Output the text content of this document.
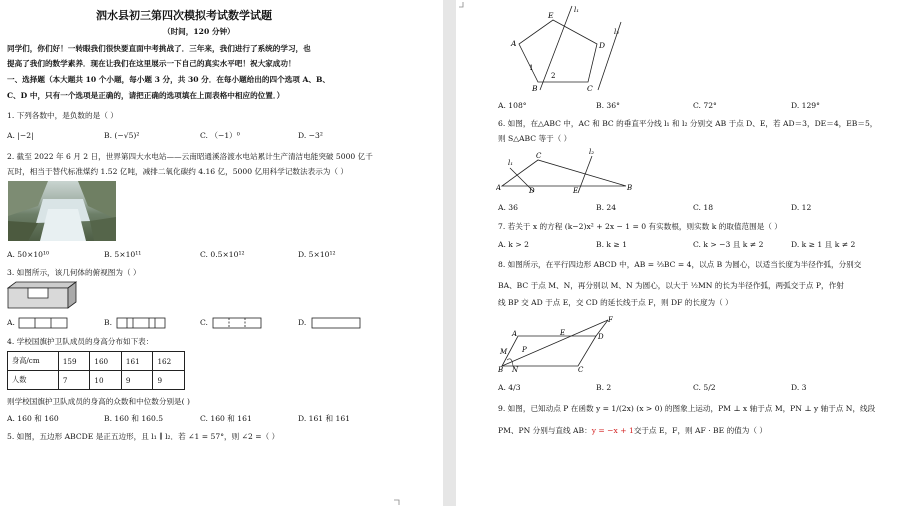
泗水县初三第四次模拟考试数学试题
（时间，120 分钟）
同学们，你们好！一转眼我们很快要直面中考挑战了．三年来，我们进行了系统的学习，也
提高了我们的数学素养．现在让我们在这里展示一下自己的真实水平吧！祝大家成功！
一、选择题（本大题共 10 个小题，每小题 3 分，共 30 分．在每小题给出的四个选项 A、B、
C、D 中，只有一个选项是正确的，请把正确的选项填在上面表格中相应的位置．）
1. 下列各数中，是负数的是（ ）
A. |−2|	B. (−√5)²	C. （−1）⁰	D. −3²
2. 截至 2022 年 6 月 2 日，世界第四大水电站——云南昭通溪洛渡水电站累计生产清洁电能突破 5000 亿千
瓦时，相当于替代标准煤约 1.52 亿吨，减排二氧化碳约 4.16 亿，5000 亿用科学记数法表示为（ ）
A. 50×10¹⁰	B. 5×10¹¹	C. 0.5×10¹²	D. 5×10¹²
3. 如图所示，该几何体的俯视图为（ ）
A.	B.	C.	D.
4. 学校国旗护卫队成员的身高分布如下表：
身高/cm	159	160	161	162
人数	7	10	9	9
则学校国旗护卫队成员的身高的众数和中位数分别是( )
A. 160 和 160	B. 160 和 160.5	C. 160 和 161	D. 161 和 161
5. 如图，五边形 ABCDE 是正五边形，且 l₁ ∥ l₂．若 ∠1 = 57°，则 ∠2 =（ ）
E
D
A
B	C
l₁
l₂
1
2
A. 108°	B. 36°	C. 72°	D. 129°
6. 如图，在△ABC 中，AC 和 BC 的垂直平分线 l₁ 和 l₂ 分别交 AB 于点 D、E，若 AD＝3，DE＝4，EB＝5，
则 S△ABC 等于（ ）
l₁
l₂
C
A	D	E	B
A. 36	B. 24	C. 18	D. 12
7. 若关于 x 的方程 (k−2)x² + 2x − 1 = 0 有实数根，则实数 k 的取值范围是（ ）
A. k > 2	B. k ≥ 1	C. k > −3 且 k ≠ 2	D. k ≥ 1 且 k ≠ 2
8. 如图所示，在平行四边形 ABCD 中，AB = ⅔BC = 4，以点 B 为圆心，以适当长度为半径作弧，分别交
BA、BC 于点 M、N，再分别以 M、N 为圆心，以大于 ½MN 的长为半径作弧，两弧交于点 P，作射
线 BP 交 AD 于点 E，交 CD 的延长线于点 F，则 DF 的长度为（ ）
F
A	E	D
M P
B N	C
A. 4/3	B. 2	C. 5/2	D. 3
9. 如图，已知动点 P 在函数 y = 1/(2x) (x > 0) 的图象上运动，PM ⊥ x 轴于点 M，PN ⊥ y 轴于点 N，线段
PM、PN 分别与直线 AB：y = −x + 1交于点 E，F，则 AF · BE 的值为（ ）
